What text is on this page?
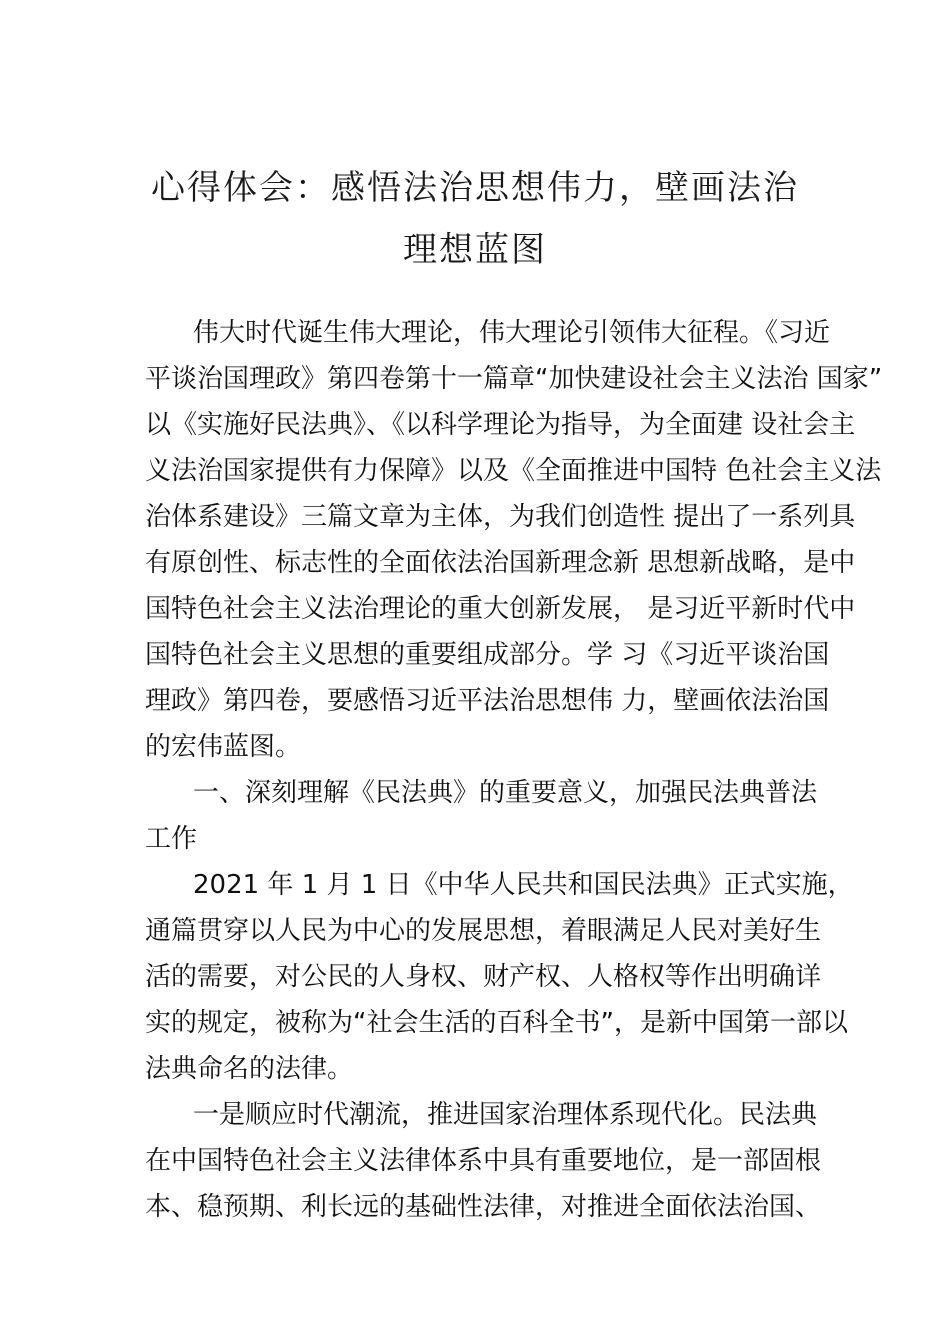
心得体会：感悟法治思想伟力，壁画法治
理想蓝图
伟大时代诞生伟大理论，伟大理论引领伟大征程。《习近
平谈治国理政》第四卷第十一篇章“加快建设社会主义法治 国家”
以《实施好民法典》、《以科学理论为指导，为全面建 设社会主
义法治国家提供有力保障》以及《全面推进中国特 色社会主义法
治体系建设》三篇文章为主体，为我们创造性 提出了一系列具
有原创性、标志性的全面依法治国新理念新 思想新战略，是中
国特色社会主义法治理论的重大创新发展， 是习近平新时代中
国特色社会主义思想的重要组成部分。学 习《习近平谈治国
理政》第四卷，要感悟习近平法治思想伟 力，壁画依法治国
的宏伟蓝图。
一、深刻理解《民法典》的重要意义，加强民法典普法
工作
2021 年 1 月 1 日《中华人民共和国民法典》正式实施，
通篇贯穿以人民为中心的发展思想，着眼满足人民对美好生
活的需要，对公民的人身权、财产权、人格权等作出明确详
实的规定，被称为“社会生活的百科全书”，是新中国第一部以
法典命名的法律。
一是顺应时代潮流，推进国家治理体系现代化。民法典
在中国特色社会主义法律体系中具有重要地位，是一部固根
本、稳预期、利长远的基础性法律，对推进全面依法治国、
